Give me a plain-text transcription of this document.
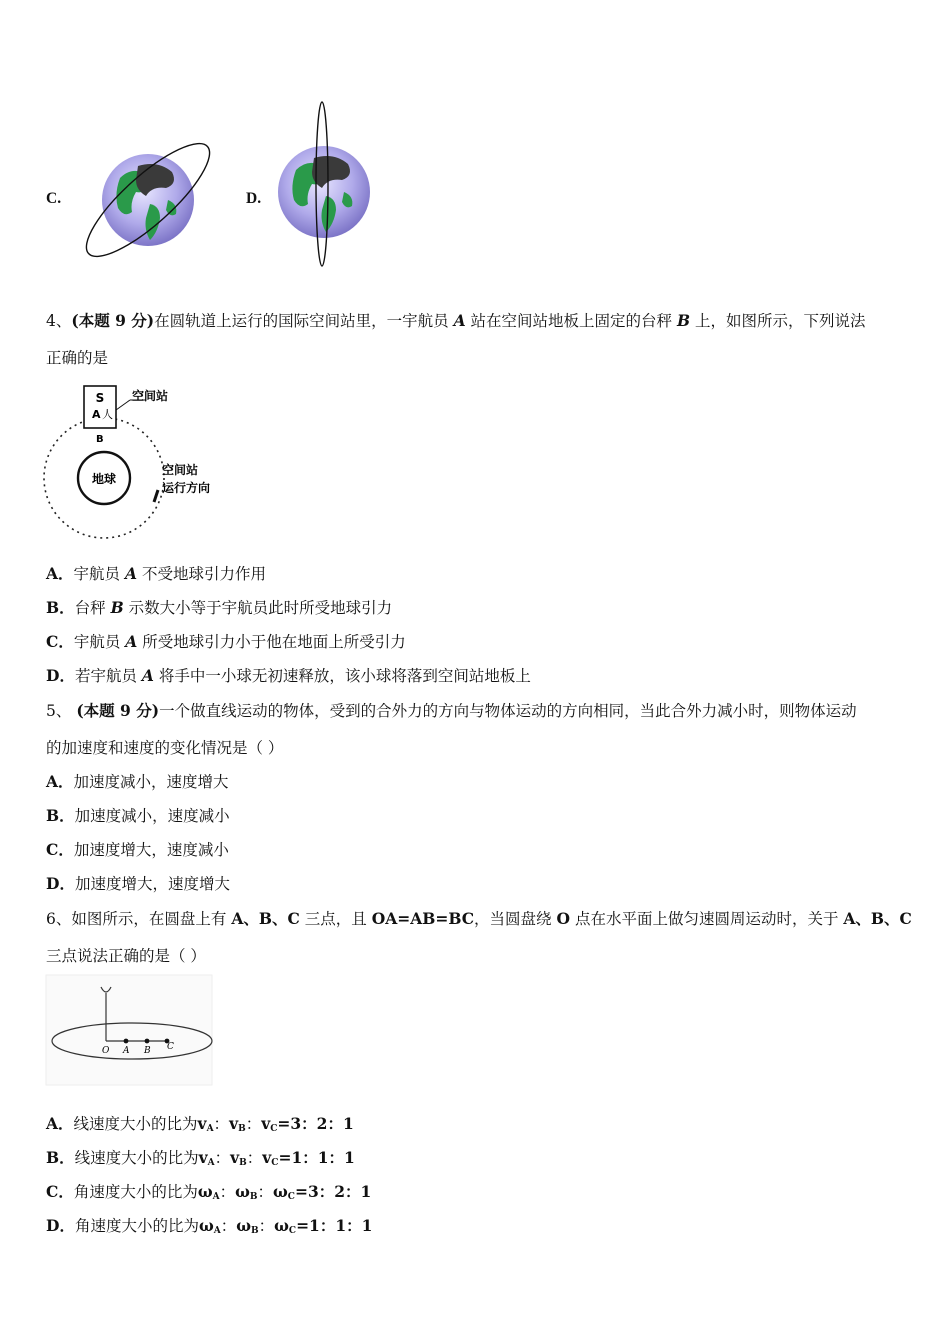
C.	D.
4、(本题 9 分)在圆轨道上运行的国际空间站里，一宇航员 A 站在空间站地板上固定的台秤 B 上，如图所示，下列说法
正确的是
地球
S
A 人
B
空间站
空间站
运行方向
A．宇航员 A 不受地球引力作用
B．台秤 B 示数大小等于宇航员此时所受地球引力
C．宇航员 A 所受地球引力小于他在地面上所受引力
D．若宇航员 A 将手中一小球无初速释放，该小球将落到空间站地板上
5、 (本题 9 分)一个做直线运动的物体，受到的合外力的方向与物体运动的方向相同，当此合外力减小时，则物体运动
的加速度和速度的变化情况是（ ）
A．加速度减小，速度增大
B．加速度减小，速度减小
C．加速度增大，速度减小
D．加速度增大，速度增大
6、如图所示，在圆盘上有 A、B、C 三点，且 OA=AB=BC，当圆盘绕 O 点在水平面上做匀速圆周运动时，关于 A、B、C
三点说法正确的是（ ）
O A B C
A．线速度大小的比为$v_A$：$v_B$：$v_C=3$：2：1
B．线速度大小的比为$v_A$：$v_B$：$v_C=1$：1：1
C．角速度大小的比为$\omega_A$：$\omega_B$：$\omega_C=3$：2：1
D．角速度大小的比为$\omega_A$：$\omega_B$：$\omega_C=1$：1：1
